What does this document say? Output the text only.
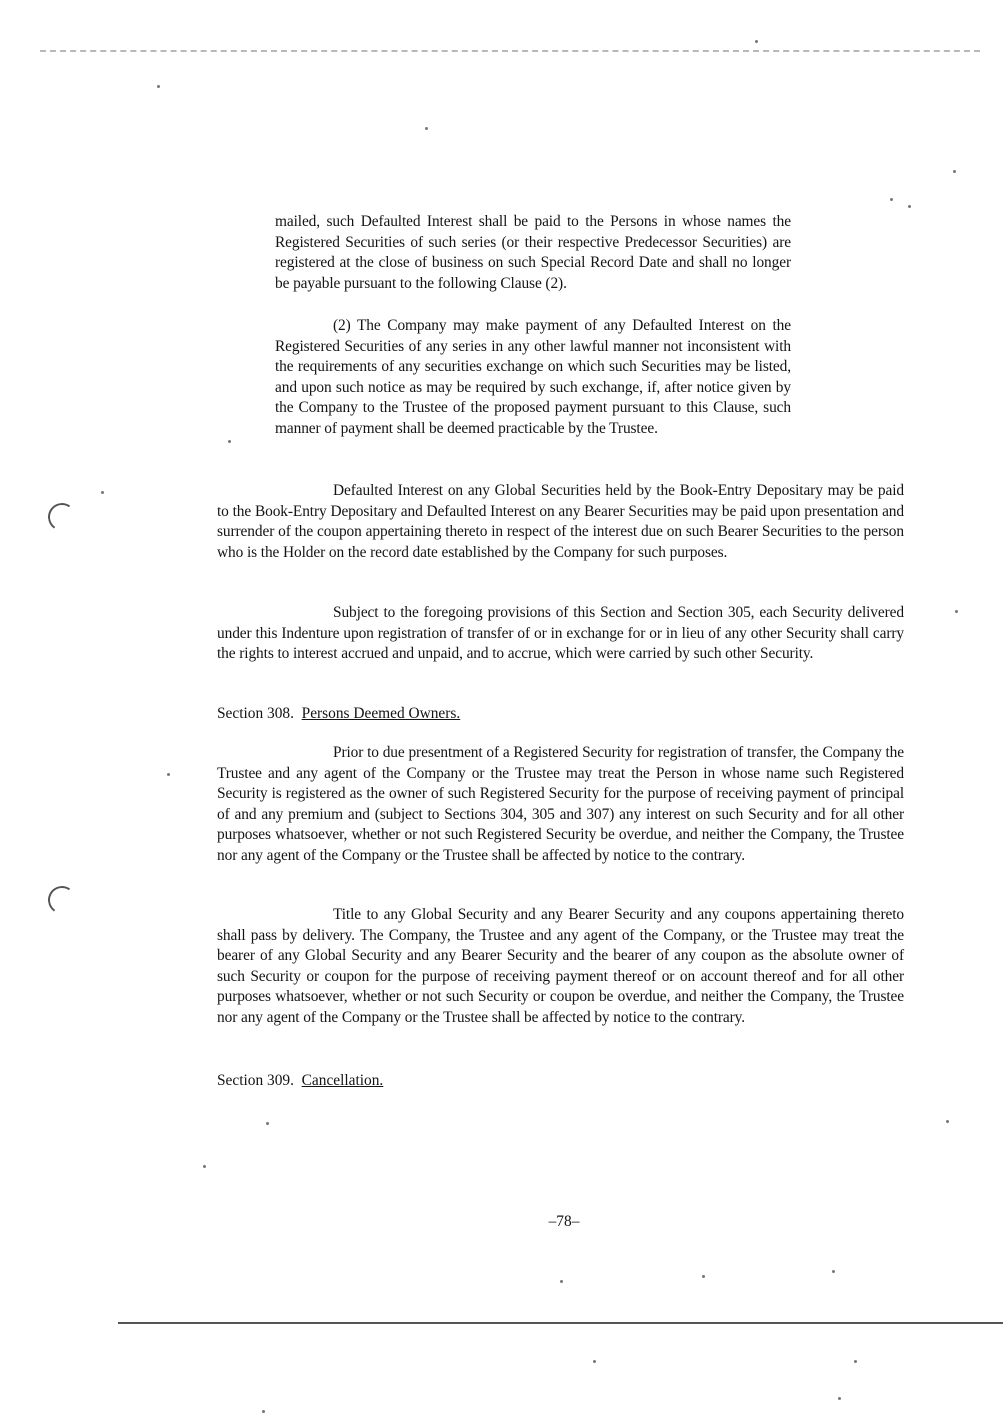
mailed, such Defaulted Interest shall be paid to the Persons in whose names the Registered Securities of such series (or their respective Predecessor Securities) are registered at the close of business on such Special Record Date and shall no longer be payable pursuant to the following Clause (2).
(2) The Company may make payment of any Defaulted Interest on the Registered Securities of any series in any other lawful manner not inconsistent with the requirements of any securities exchange on which such Securities may be listed, and upon such notice as may be required by such exchange, if, after notice given by the Company to the Trustee of the proposed payment pursuant to this Clause, such manner of payment shall be deemed practicable by the Trustee.
Defaulted Interest on any Global Securities held by the Book-Entry Depositary may be paid to the Book-Entry Depositary and Defaulted Interest on any Bearer Securities may be paid upon presentation and surrender of the coupon appertaining thereto in respect of the interest due on such Bearer Securities to the person who is the Holder on the record date established by the Company for such purposes.
Subject to the foregoing provisions of this Section and Section 305, each Security delivered under this Indenture upon registration of transfer of or in exchange for or in lieu of any other Security shall carry the rights to interest accrued and unpaid, and to accrue, which were carried by such other Security.
Section 308. Persons Deemed Owners.
Prior to due presentment of a Registered Security for registration of transfer, the Company the Trustee and any agent of the Company or the Trustee may treat the Person in whose name such Registered Security is registered as the owner of such Registered Security for the purpose of receiving payment of principal of and any premium and (subject to Sections 304, 305 and 307) any interest on such Security and for all other purposes whatsoever, whether or not such Registered Security be overdue, and neither the Company, the Trustee nor any agent of the Company or the Trustee shall be affected by notice to the contrary.
Title to any Global Security and any Bearer Security and any coupons appertaining thereto shall pass by delivery. The Company, the Trustee and any agent of the Company, or the Trustee may treat the bearer of any Global Security and any Bearer Security and the bearer of any coupon as the absolute owner of such Security or coupon for the purpose of receiving payment thereof or on account thereof and for all other purposes whatsoever, whether or not such Security or coupon be overdue, and neither the Company, the Trustee nor any agent of the Company or the Trustee shall be affected by notice to the contrary.
Section 309. Cancellation.
–78–
